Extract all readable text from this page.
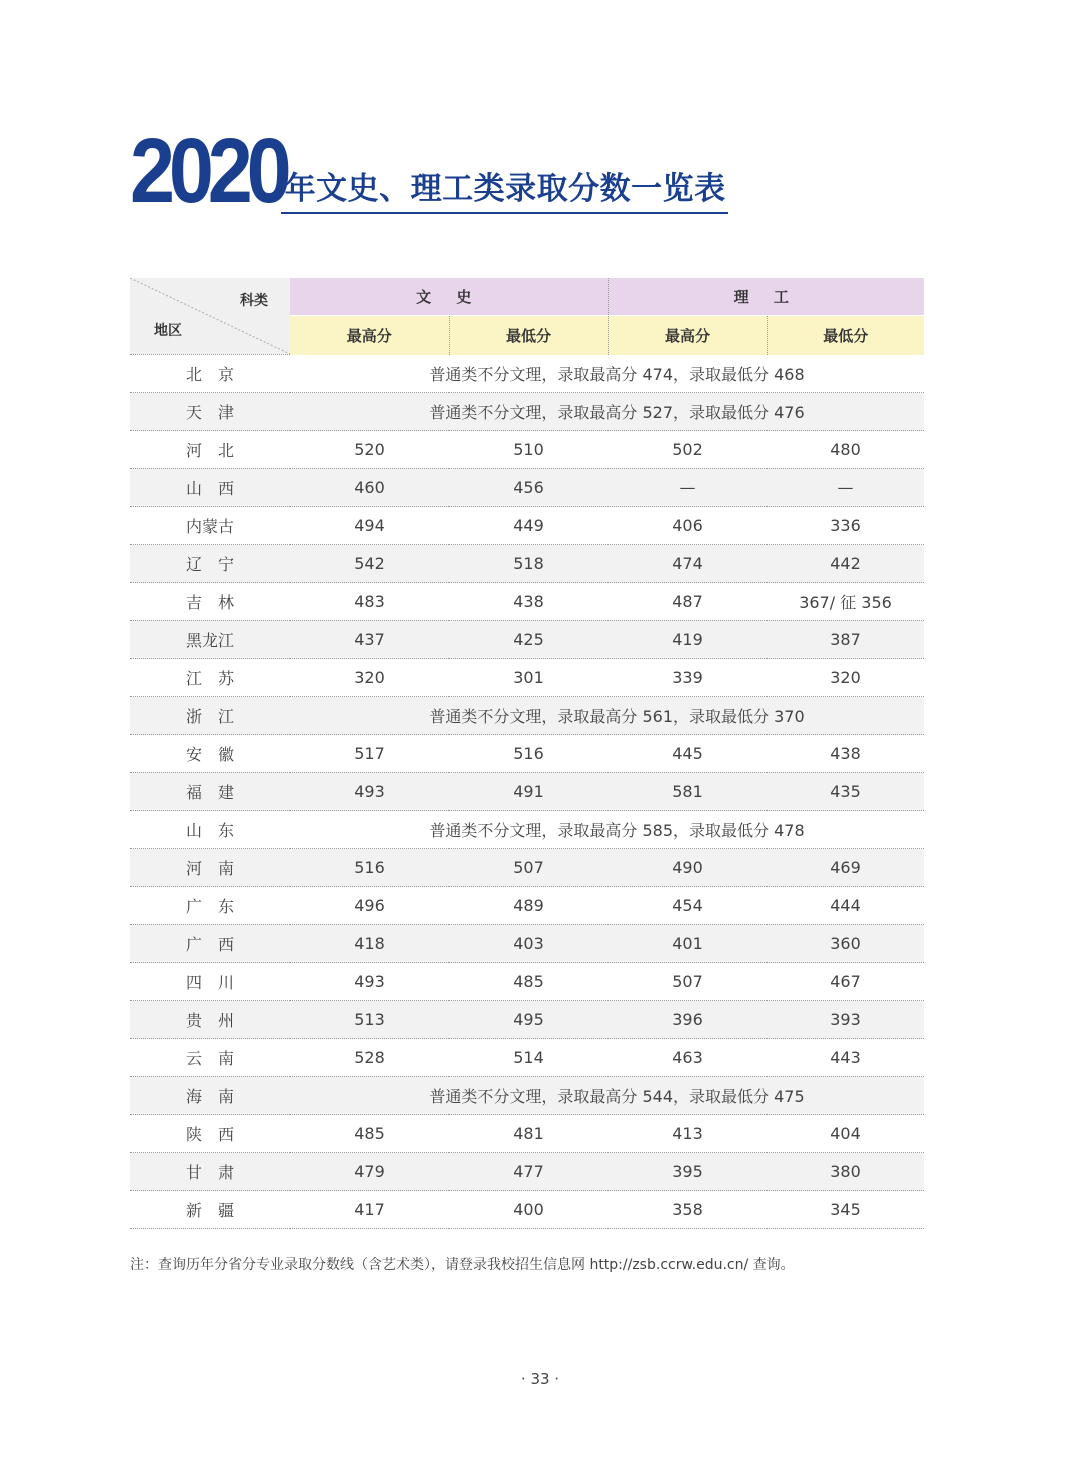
2020 年文史、理工类录取分数一览表
科类
地区	文 史		理 工	
	最高分	最低分	最高分	最低分
北　京	普通类不分文理，录取最高分 474，录取最低分 468			
天　津	普通类不分文理，录取最高分 527，录取最低分 476			
河　北	520	510	502	480
山　西	460	456	—	—
内蒙古	494	449	406	336
辽　宁	542	518	474	442
吉　林	483	438	487	367/ 征 356
黑龙江	437	425	419	387
江　苏	320	301	339	320
浙　江	普通类不分文理，录取最高分 561，录取最低分 370			
安　徽	517	516	445	438
福　建	493	491	581	435
山　东	普通类不分文理，录取最高分 585，录取最低分 478			
河　南	516	507	490	469
广　东	496	489	454	444
广　西	418	403	401	360
四　川	493	485	507	467
贵　州	513	495	396	393
云　南	528	514	463	443
海　南	普通类不分文理，录取最高分 544，录取最低分 475			
陕　西	485	481	413	404
甘　肃	479	477	395	380
新　疆	417	400	358	345
注：查询历年分省分专业录取分数线（含艺术类），请登录我校招生信息网 http://zsb.ccrw.edu.cn/ 查询。
· 33 ·
